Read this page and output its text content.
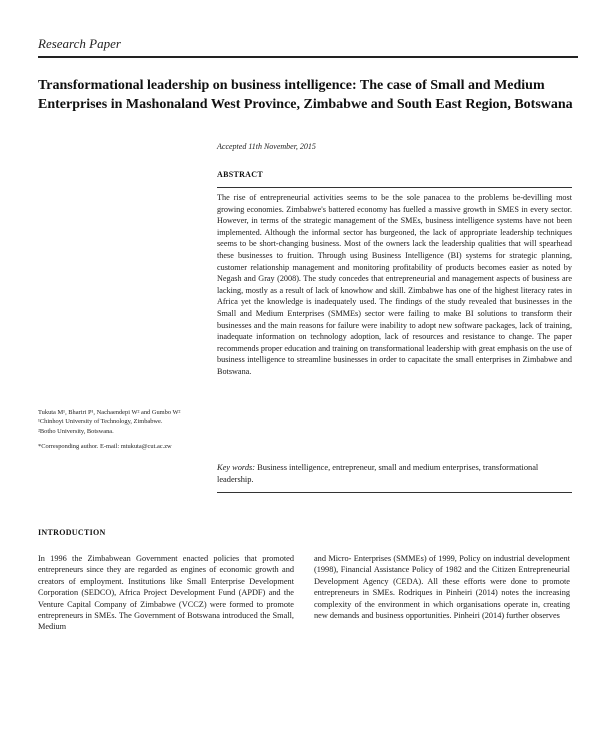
Research Paper
Transformational leadership on business intelligence: The case of Small and Medium Enterprises in Mashonaland West Province, Zimbabwe and South East Region, Botswana
Accepted 11th November, 2015
ABSTRACT
The rise of entrepreneurial activities seems to be the sole panacea to the problems be-devilling most growing economies. Zimbabwe's battered economy has fuelled a massive growth in SMES in every sector. However, in terms of the strategic management of the SMEs, business intelligence systems have not been implemented. Although the informal sector has burgeoned, the lack of appropriate leadership techniques seems to be short-changing business. Most of the owners lack the leadership qualities that will spearhead these businesses to fruition. Through using Business Intelligence (BI) systems for strategic planning, customer relationship management and monitoring profitability of products becomes easier as noted by Negash and Gray (2008). The study concedes that entrepreneurial and management aspects of business are lacking, mostly as a result of lack of knowhow and skill. Zimbabwe has one of the highest literacy rates in Africa yet the knowledge is inadequately used. The findings of the study revealed that businesses in the Small and Medium Enterprises (SMMEs) sector were failing to make BI solutions to transform their businesses and the main reasons for failure were inability to adopt new software packages, lack of training, inadequate information on technology adoption, lack of resources and resistance to change. The paper recommends proper education and training on transformational leadership with great emphasis on the use of business intelligence to streamline businesses in order to capacitate the small enterprises in Zimbabwe and Botswana.
Key words: Business intelligence, entrepreneur, small and medium enterprises, transformational leadership.
Tukuta M¹, Bhariri P¹, Nachaendepi W² and Gumbo W²
¹Chinhoyi University of Technology, Zimbabwe.
²Botho University, Botswana.
*Corresponding author. E-mail: mtukuta@cut.ac.zw
INTRODUCTION
In 1996 the Zimbabwean Government enacted policies that promoted entrepreneurs since they are regarded as engines of economic growth and creators of employment. Institutions like Small Enterprise Development Corporation (SEDCO), Africa Project Development Fund (APDF) and the Venture Capital Company of Zimbabwe (VCCZ) were formed to promote entrepreneurs in SMEs. The Government of Botswana introduced the Small, Medium
and Micro- Enterprises (SMMEs) of 1999, Policy on industrial development (1998), Financial Assistance Policy of 1982 and the Citizen Entrepreneurial Development Agency (CEDA). All these efforts were done to promote entrepreneurs in SMEs. Rodriques in Pinheiri (2014) notes the increasing complexity of the environment in which organisations operate in, creating new demands and business opportunities. Pinheiri (2014) further observes
